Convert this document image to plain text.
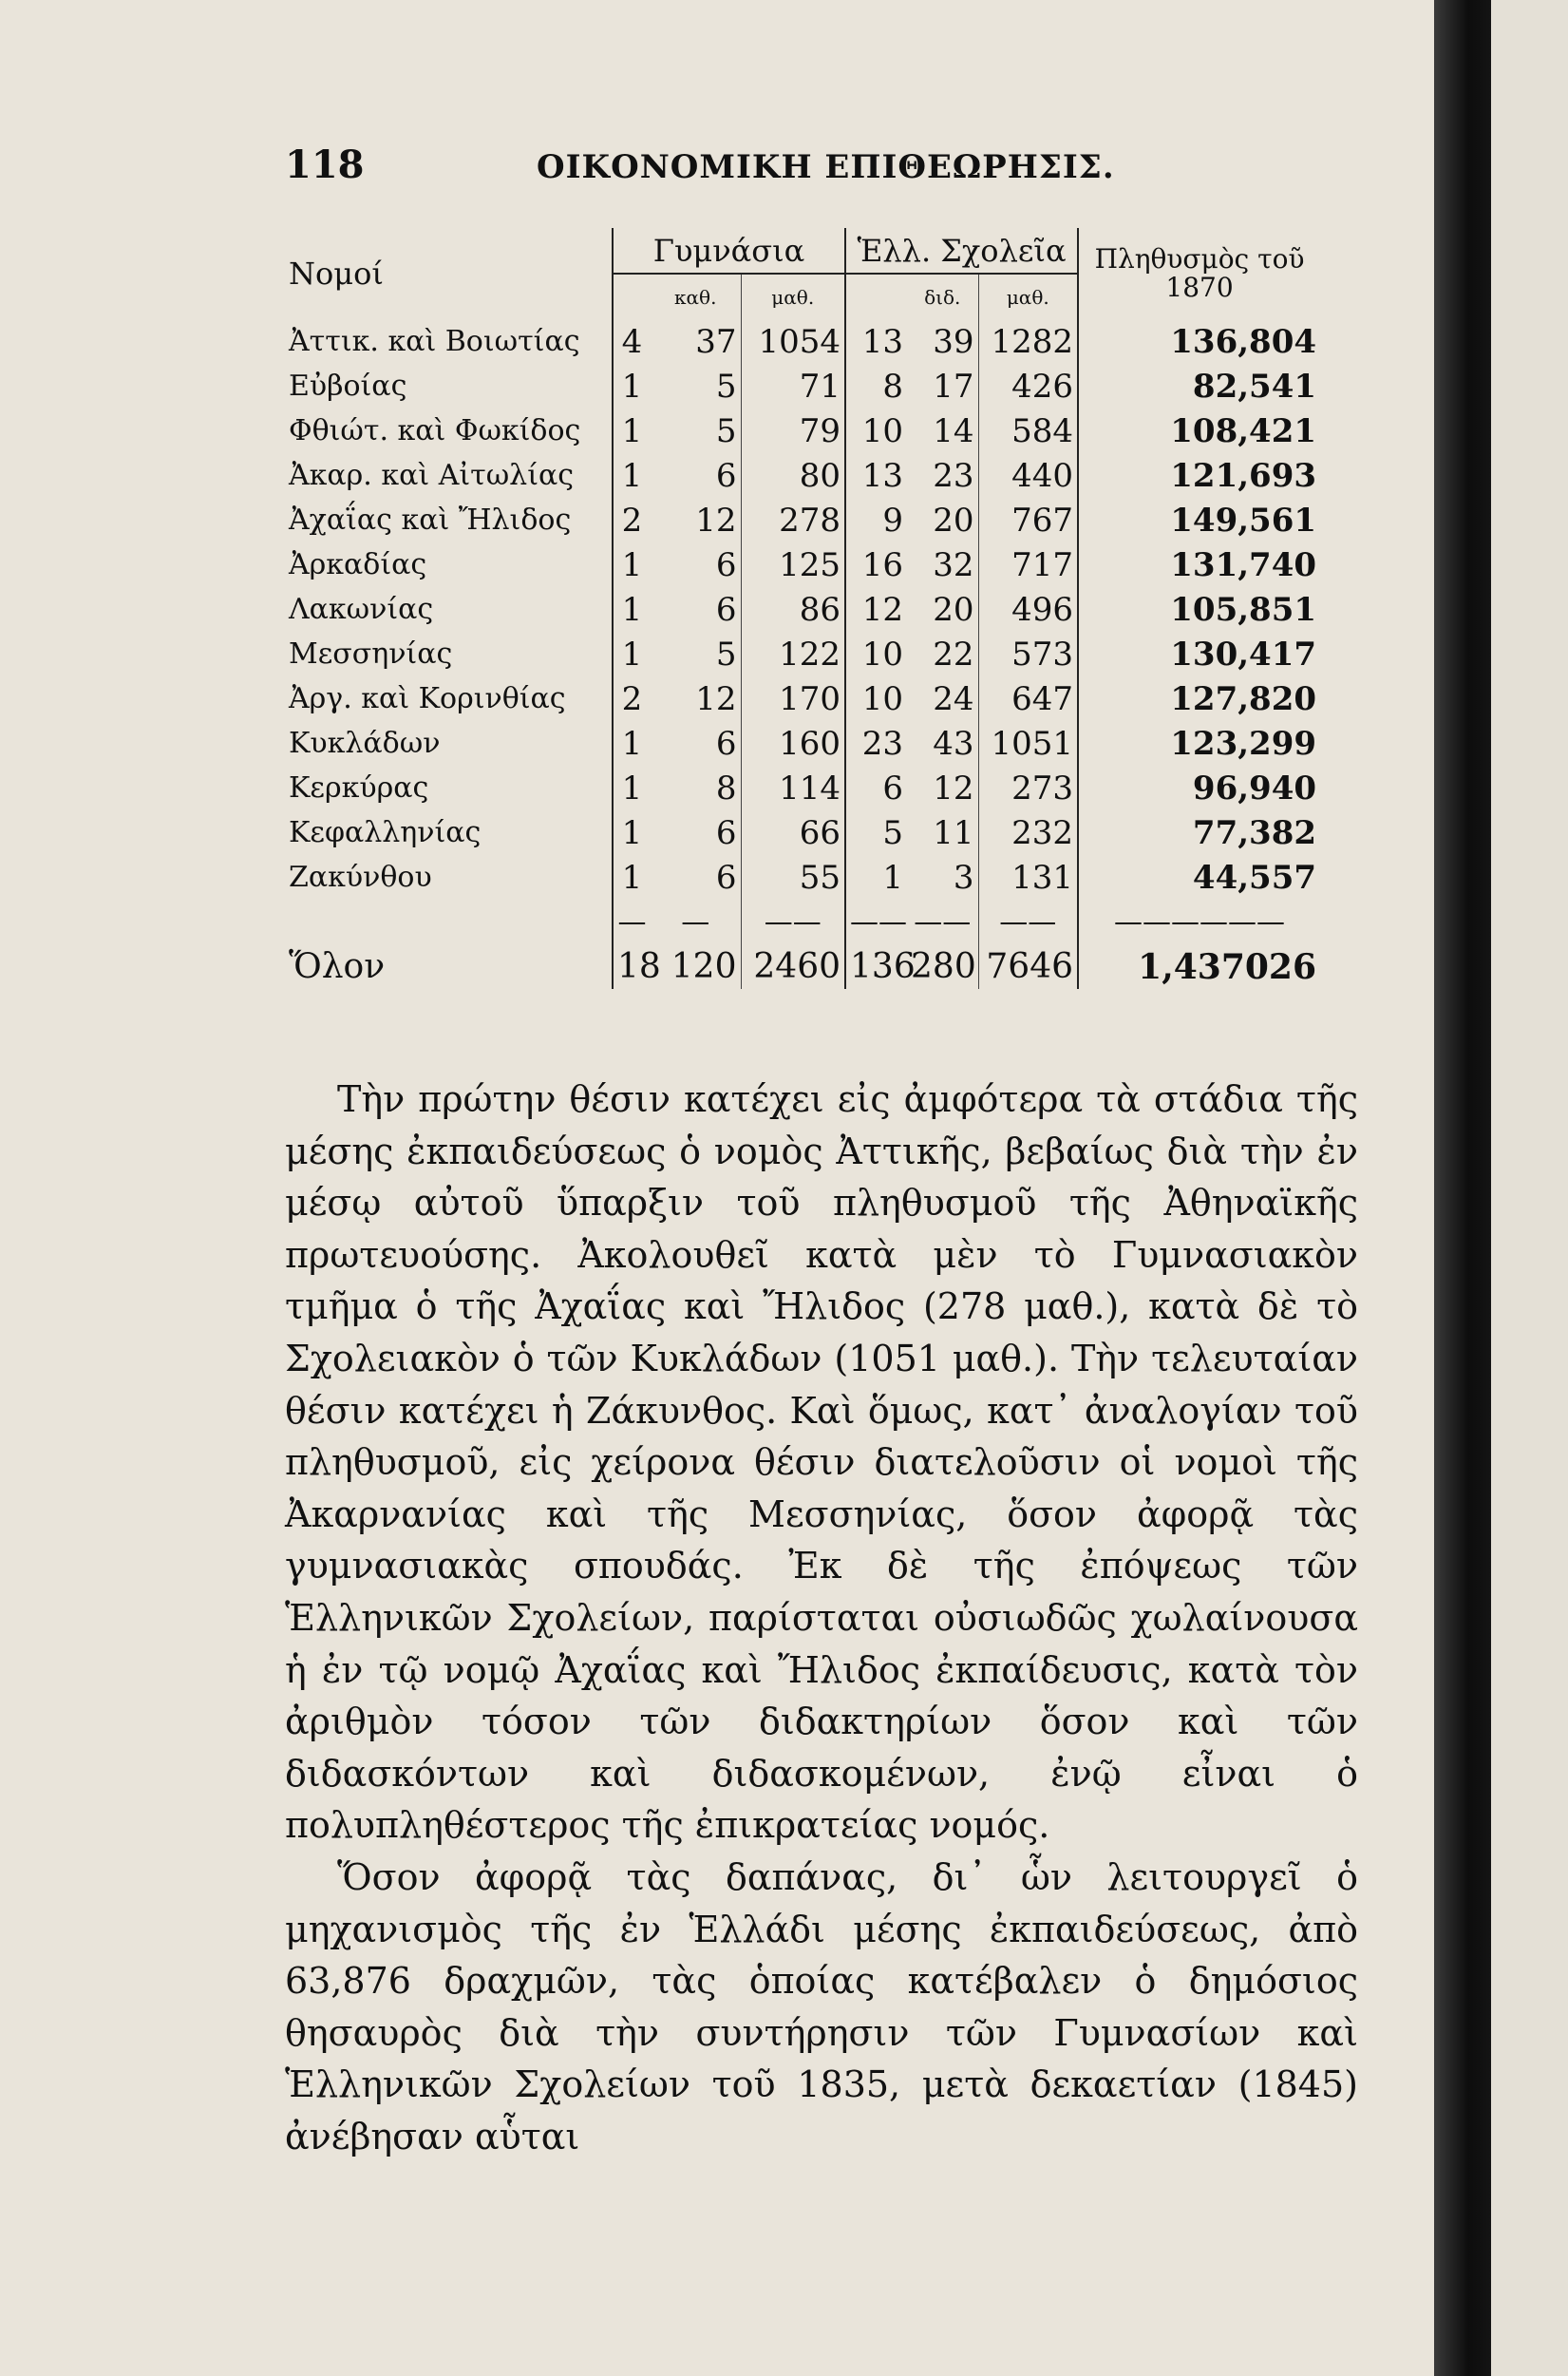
118	ΟΙΚΟΝΟΜΙΚΗ ΕΠΙΘΕΩΡΗΣΙΣ.
Νομοί	Γυμνάσια			Ἑλλ. Σχολεῖα			Πληθυσμὸς τοῦ 1870
		καθ.	μαθ.		διδ.	μαθ.	
Ἀττικ. καὶ Βοιωτίας	4	37	1054	13	39	1282	136,804
Εὐβοίας	1	5	71	8	17	426	82,541
Φθιώτ. καὶ Φωκίδος	1	5	79	10	14	584	108,421
Ἀκαρ. καὶ Αἰτωλίας	1	6	80	13	23	440	121,693
Ἀχαΐας καὶ Ἤλιδος	2	12	278	9	20	767	149,561
Ἀρκαδίας	1	6	125	16	32	717	131,740
Λακωνίας	1	6	86	12	20	496	105,851
Μεσσηνίας	1	5	122	10	22	573	130,417
Ἀργ. καὶ Κορινθίας	2	12	170	10	24	647	127,820
Κυκλάδων	1	6	160	23	43	1051	123,299
Κερκύρας	1	8	114	6	12	273	96,940
Κεφαλληνίας	1	6	66	5	11	232	77,382
Ζακύνθου	1	6	55	1	3	131	44,557
	—	—	——	——	——	——	——————
Ὅλον	18	120	2460	136	280	7646	1,437026

Τὴν πρώτην θέσιν κατέχει εἰς ἀμφότερα τὰ στάδια τῆς μέσης ἐκπαιδεύσεως ὁ νομὸς Ἀττικῆς, βεβαίως διὰ τὴν ἐν μέσῳ αὐτοῦ ὕπαρξιν τοῦ πληθυσμοῦ τῆς Ἀθηναϊκῆς πρωτευούσης. Ἀκολουθεῖ κατὰ μὲν τὸ Γυμνασιακὸν τμῆμα ὁ τῆς Ἀχαΐας καὶ Ἤλιδος (278 μαθ.), κατὰ δὲ τὸ Σχολειακὸν ὁ τῶν Κυκλάδων (1051 μαθ.). Τὴν τελευταίαν θέσιν κατέχει ἡ Ζάκυνθος. Καὶ ὅμως, κατ᾽ ἀναλογίαν τοῦ πληθυσμοῦ, εἰς χείρονα θέσιν διατελοῦσιν οἱ νομοὶ τῆς Ἀκαρνανίας καὶ τῆς Μεσσηνίας, ὅσον ἀφορᾷ τὰς γυμνασιακὰς σπουδάς. Ἐκ δὲ τῆς ἐπόψεως τῶν Ἑλληνικῶν Σχολείων, παρίσταται οὐσιωδῶς χωλαίνουσα ἡ ἐν τῷ νομῷ Ἀχαΐας καὶ Ἤλιδος ἐκπαίδευσις, κατὰ τὸν ἀριθμὸν τόσον τῶν διδακτηρίων ὅσον καὶ τῶν διδασκόντων καὶ διδασκομένων, ἐνῷ εἶναι ὁ πολυπληθέστερος τῆς ἐπικρατείας νομός.

Ὅσον ἀφορᾷ τὰς δαπάνας, δι᾽ ὧν λειτουργεῖ ὁ μηχανισμὸς τῆς ἐν Ἑλλάδι μέσης ἐκπαιδεύσεως, ἀπὸ 63,876 δραχμῶν, τὰς ὁποίας κατέβαλεν ὁ δημόσιος θησαυρὸς διὰ τὴν συντήρησιν τῶν Γυμνασίων καὶ Ἑλληνικῶν Σχολείων τοῦ 1835, μετὰ δεκαετίαν (1845) ἀνέβησαν αὗται
